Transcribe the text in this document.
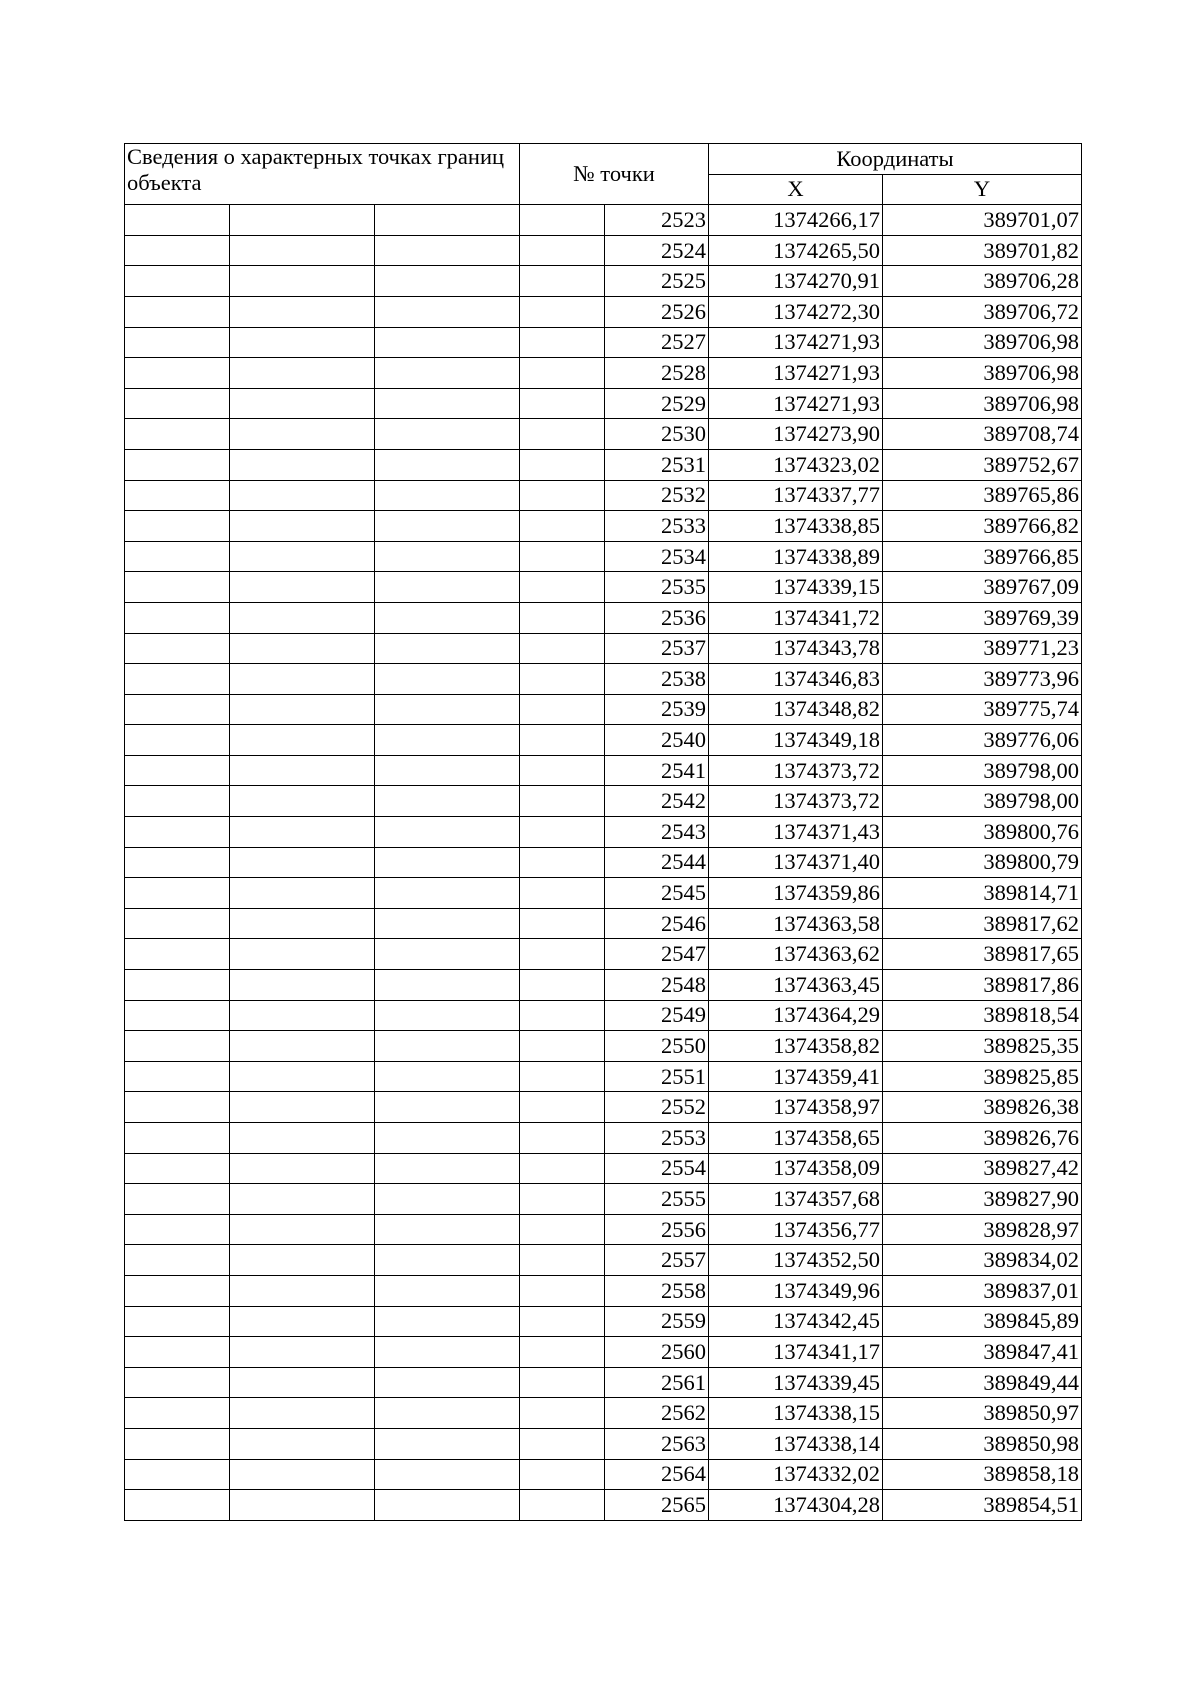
Сведения о характерных точках границ объекта			№ точки		Координаты	
					X	Y
				2523	1374266,17	389701,07
				2524	1374265,50	389701,82
				2525	1374270,91	389706,28
				2526	1374272,30	389706,72
				2527	1374271,93	389706,98
				2528	1374271,93	389706,98
				2529	1374271,93	389706,98
				2530	1374273,90	389708,74
				2531	1374323,02	389752,67
				2532	1374337,77	389765,86
				2533	1374338,85	389766,82
				2534	1374338,89	389766,85
				2535	1374339,15	389767,09
				2536	1374341,72	389769,39
				2537	1374343,78	389771,23
				2538	1374346,83	389773,96
				2539	1374348,82	389775,74
				2540	1374349,18	389776,06
				2541	1374373,72	389798,00
				2542	1374373,72	389798,00
				2543	1374371,43	389800,76
				2544	1374371,40	389800,79
				2545	1374359,86	389814,71
				2546	1374363,58	389817,62
				2547	1374363,62	389817,65
				2548	1374363,45	389817,86
				2549	1374364,29	389818,54
				2550	1374358,82	389825,35
				2551	1374359,41	389825,85
				2552	1374358,97	389826,38
				2553	1374358,65	389826,76
				2554	1374358,09	389827,42
				2555	1374357,68	389827,90
				2556	1374356,77	389828,97
				2557	1374352,50	389834,02
				2558	1374349,96	389837,01
				2559	1374342,45	389845,89
				2560	1374341,17	389847,41
				2561	1374339,45	389849,44
				2562	1374338,15	389850,97
				2563	1374338,14	389850,98
				2564	1374332,02	389858,18
				2565	1374304,28	389854,51
